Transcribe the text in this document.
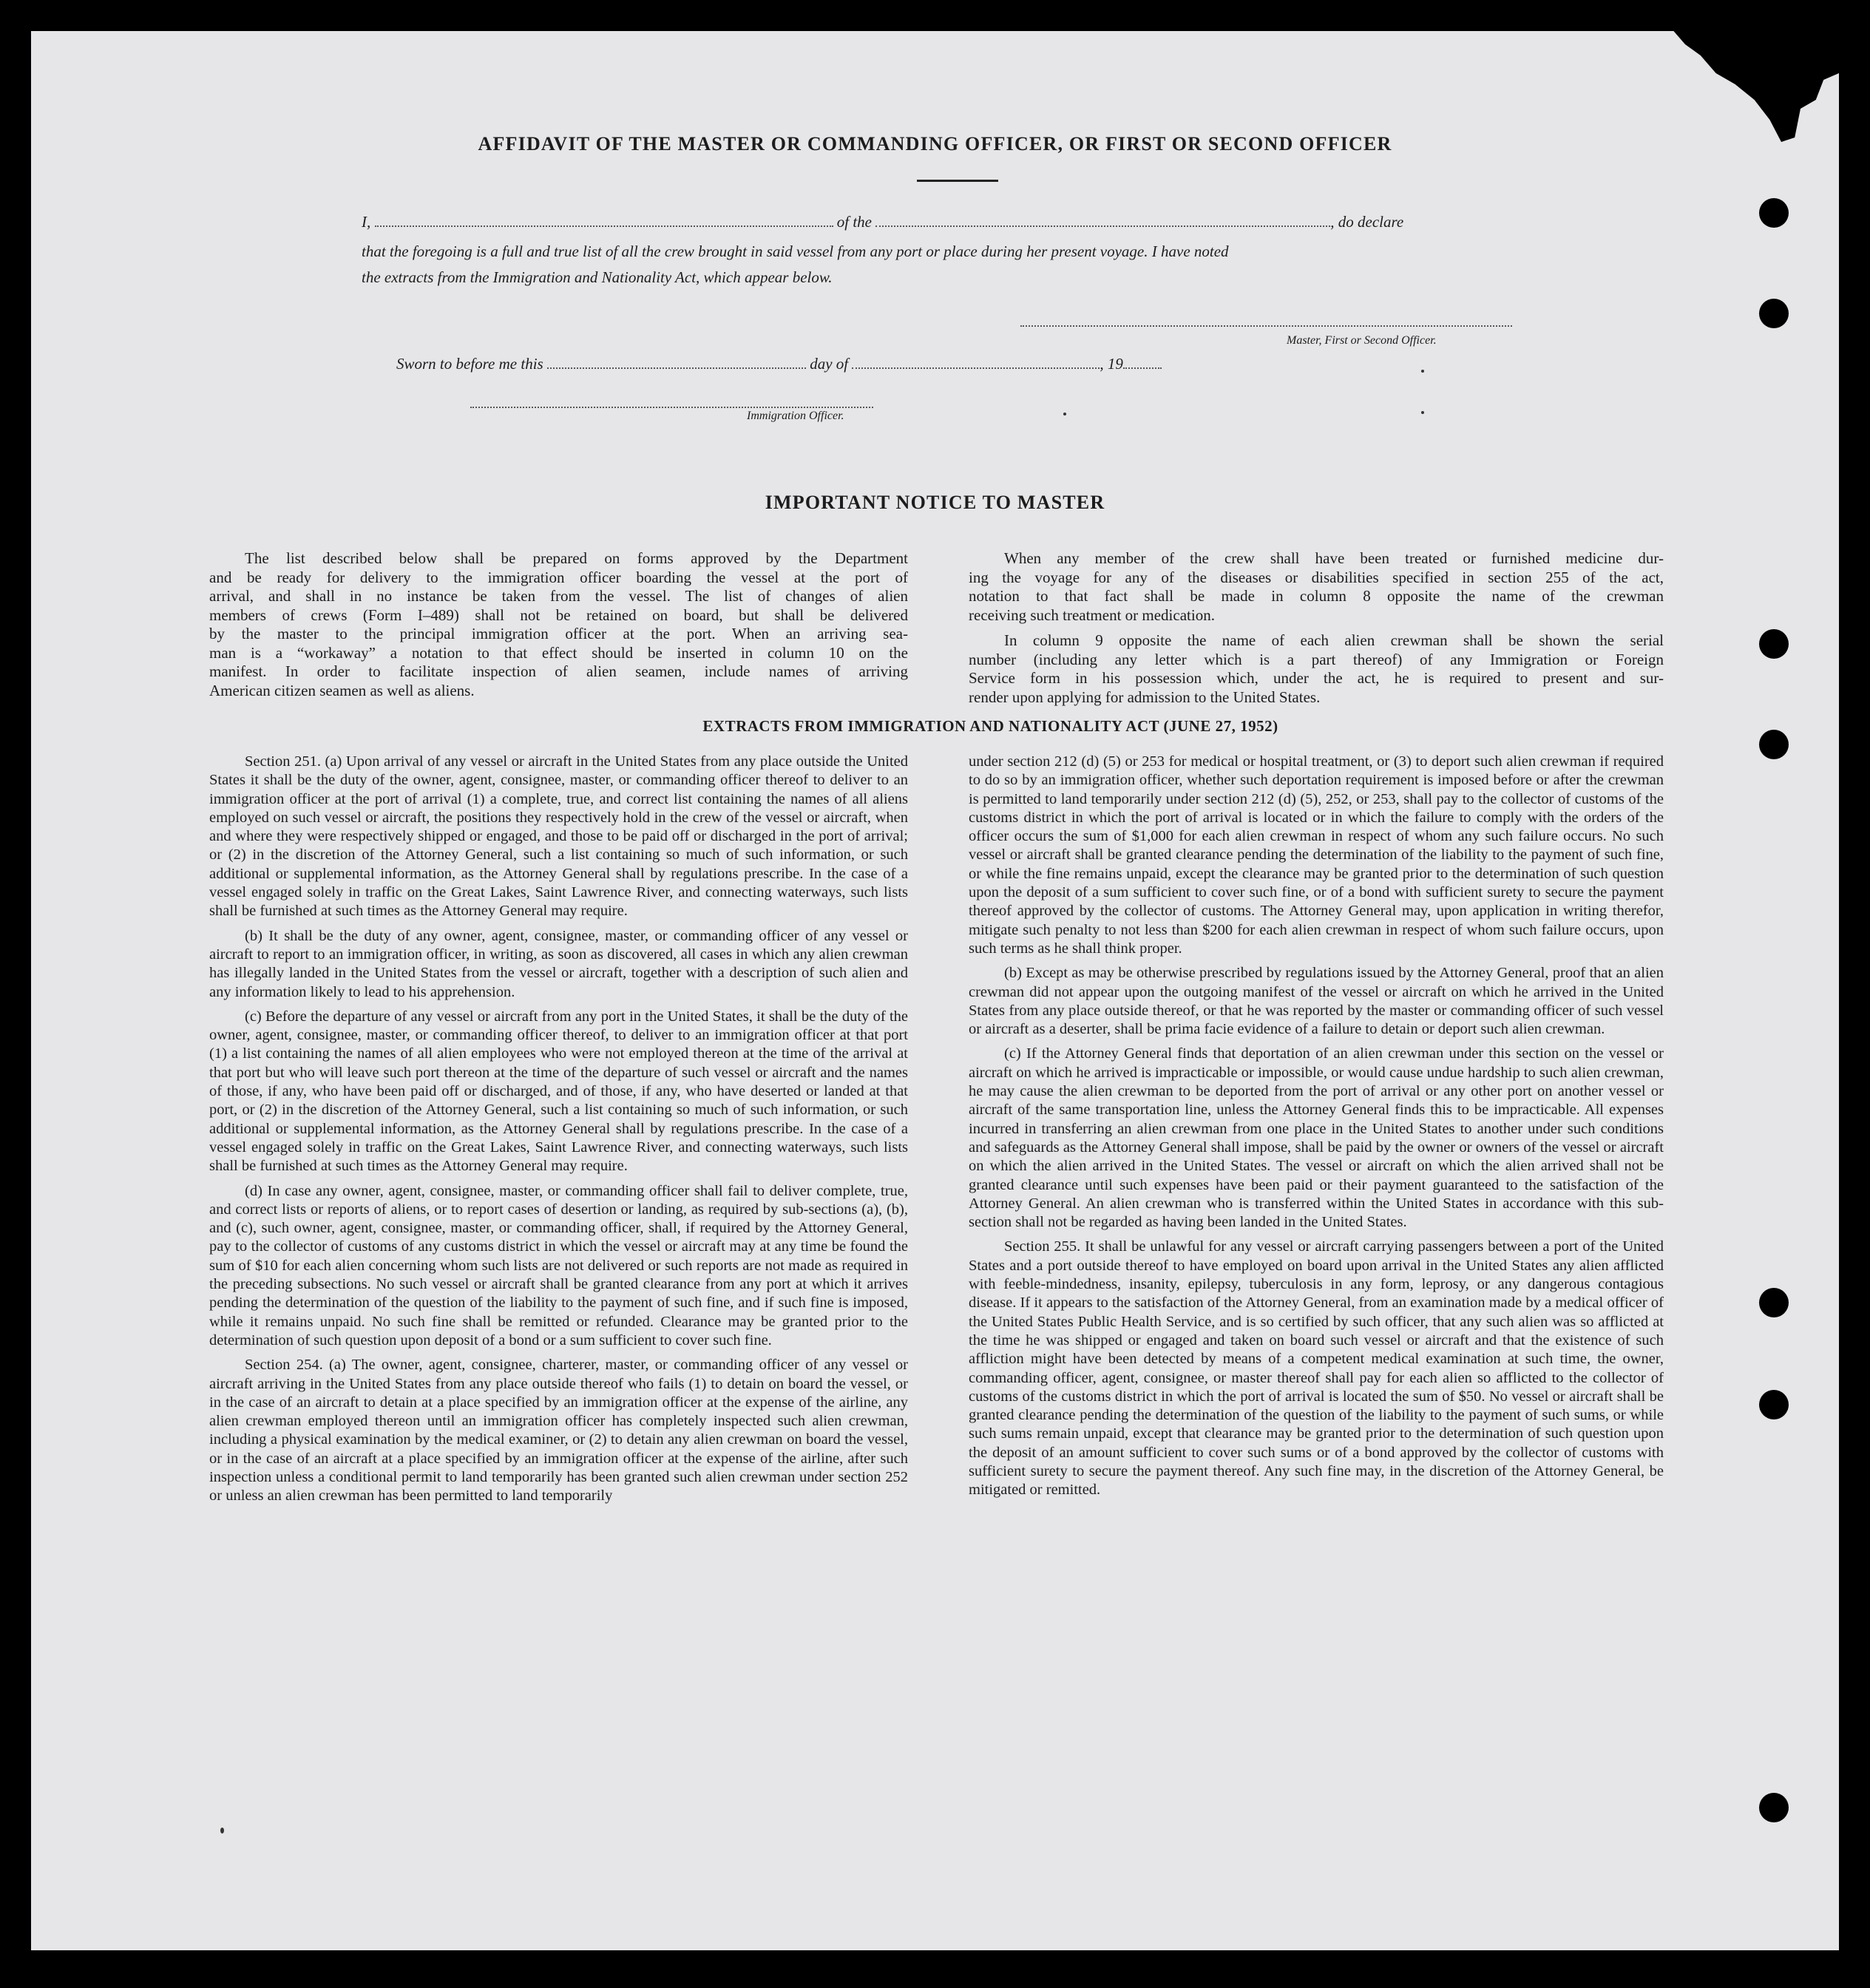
AFFIDAVIT OF THE MASTER OR COMMANDING OFFICER, OR FIRST OR SECOND OFFICER
I,	of the	, do declare
that the foregoing is a full and true list of all the crew brought in said vessel from any port or place during her present voyage. I have noted
the extracts from the Immigration and Nationality Act, which appear below.
Master, First or Second Officer.
Sworn to before me this	day of	, 19
Immigration Officer.
IMPORTANT NOTICE TO MASTER
The list described below shall be prepared on forms approved by the Department
and be ready for delivery to the immigration officer boarding the vessel at the port of
arrival, and shall in no instance be taken from the vessel. The list of changes of alien
members of crews (Form I–489) shall not be retained on board, but shall be delivered
by the master to the principal immigration officer at the port. When an arriving sea-
man is a “workaway” a notation to that effect should be inserted in column 10 on the
manifest. In order to facilitate inspection of alien seamen, include names of arriving
American citizen seamen as well as aliens.
When any member of the crew shall have been treated or furnished medicine dur-
ing the voyage for any of the diseases or disabilities specified in section 255 of the act,
notation to that fact shall be made in column 8 opposite the name of the crewman
receiving such treatment or medication.
In column 9 opposite the name of each alien crewman shall be shown the serial
number (including any letter which is a part thereof) of any Immigration or Foreign
Service form in his possession which, under the act, he is required to present and sur-
render upon applying for admission to the United States.
EXTRACTS FROM IMMIGRATION AND NATIONALITY ACT (JUNE 27, 1952)

Section 251. (a) Upon arrival of any vessel or aircraft in the United States from any place outside the United States it shall be the duty of the owner, agent, consignee, master, or commanding officer thereof to deliver to an immigration officer at the port of arrival (1) a complete, true, and correct list containing the names of all aliens employed on such vessel or aircraft, the positions they respectively hold in the crew of the vessel or aircraft, when and where they were respectively shipped or engaged, and those to be paid off or discharged in the port of arrival; or (2) in the discretion of the Attorney General, such a list containing so much of such information, or such additional or supplemental information, as the Attorney General shall by regulations prescribe. In the case of a vessel engaged solely in traffic on the Great Lakes, Saint Lawrence River, and connecting waterways, such lists shall be furnished at such times as the Attorney General may require.

(b) It shall be the duty of any owner, agent, consignee, master, or commanding officer of any vessel or aircraft to report to an immigration officer, in writing, as soon as discovered, all cases in which any alien crewman has illegally landed in the United States from the vessel or aircraft, together with a description of such alien and any information likely to lead to his apprehension.

(c) Before the departure of any vessel or aircraft from any port in the United States, it shall be the duty of the owner, agent, consignee, master, or commanding officer thereof, to deliver to an immigration officer at that port (1) a list containing the names of all alien employees who were not employed thereon at the time of the arrival at that port but who will leave such port thereon at the time of the departure of such vessel or aircraft and the names of those, if any, who have been paid off or discharged, and of those, if any, who have deserted or landed at that port, or (2) in the discretion of the Attorney General, such a list containing so much of such information, or such additional or supplemental information, as the Attorney General shall by regulations prescribe. In the case of a vessel engaged solely in traffic on the Great Lakes, Saint Lawrence River, and connecting waterways, such lists shall be furnished at such times as the Attorney General may require.

(d) In case any owner, agent, consignee, master, or commanding officer shall fail to deliver complete, true, and correct lists or reports of aliens, or to report cases of desertion or landing, as required by sub-sections (a), (b), and (c), such owner, agent, consignee, master, or commanding officer, shall, if required by the Attorney General, pay to the collector of customs of any customs district in which the vessel or aircraft may at any time be found the sum of $10 for each alien concerning whom such lists are not delivered or such reports are not made as required in the preceding subsections. No such vessel or aircraft shall be granted clearance from any port at which it arrives pending the determination of the question of the liability to the payment of such fine, and if such fine is imposed, while it remains unpaid. No such fine shall be remitted or refunded. Clearance may be granted prior to the determination of such question upon deposit of a bond or a sum sufficient to cover such fine.

Section 254. (a) The owner, agent, consignee, charterer, master, or commanding officer of any vessel or aircraft arriving in the United States from any place outside thereof who fails (1) to detain on board the vessel, or in the case of an aircraft to detain at a place specified by an immigration officer at the expense of the airline, any alien crewman employed thereon until an immigration officer has completely inspected such alien crewman, including a physical examination by the medical examiner, or (2) to detain any alien crewman on board the vessel, or in the case of an aircraft at a place specified by an immigration officer at the expense of the airline, after such inspection unless a conditional permit to land temporarily has been granted such alien crewman under section 252 or unless an alien crewman has been permitted to land temporarily

under section 212 (d) (5) or 253 for medical or hospital treatment, or (3) to deport such alien crewman if required to do so by an immigration officer, whether such deportation requirement is imposed before or after the crewman is permitted to land temporarily under section 212 (d) (5), 252, or 253, shall pay to the collector of customs of the customs district in which the port of arrival is located or in which the failure to comply with the orders of the officer occurs the sum of $1,000 for each alien crewman in respect of whom any such failure occurs. No such vessel or aircraft shall be granted clearance pending the determination of the liability to the payment of such fine, or while the fine remains unpaid, except the clearance may be granted prior to the determination of such question upon the deposit of a sum sufficient to cover such fine, or of a bond with sufficient surety to secure the payment thereof approved by the collector of customs. The Attorney General may, upon application in writing therefor, mitigate such penalty to not less than $200 for each alien crewman in respect of whom such failure occurs, upon such terms as he shall think proper.

(b) Except as may be otherwise prescribed by regulations issued by the Attorney General, proof that an alien crewman did not appear upon the outgoing manifest of the vessel or aircraft on which he arrived in the United States from any place outside thereof, or that he was reported by the master or commanding officer of such vessel or aircraft as a deserter, shall be prima facie evidence of a failure to detain or deport such alien crewman.

(c) If the Attorney General finds that deportation of an alien crewman under this section on the vessel or aircraft on which he arrived is impracticable or impossible, or would cause undue hardship to such alien crewman, he may cause the alien crewman to be deported from the port of arrival or any other port on another vessel or aircraft of the same transportation line, unless the Attorney General finds this to be impracticable. All expenses incurred in transferring an alien crewman from one place in the United States to another under such conditions and safeguards as the Attorney General shall impose, shall be paid by the owner or owners of the vessel or aircraft on which the alien arrived in the United States. The vessel or aircraft on which the alien arrived shall not be granted clearance until such expenses have been paid or their payment guaranteed to the satisfaction of the Attorney General. An alien crewman who is transferred within the United States in accordance with this sub-section shall not be regarded as having been landed in the United States.

Section 255. It shall be unlawful for any vessel or aircraft carrying passengers between a port of the United States and a port outside thereof to have employed on board upon arrival in the United States any alien afflicted with feeble-mindedness, insanity, epilepsy, tuberculosis in any form, leprosy, or any dangerous contagious disease. If it appears to the satisfaction of the Attorney General, from an examination made by a medical officer of the United States Public Health Service, and is so certified by such officer, that any such alien was so afflicted at the time he was shipped or engaged and taken on board such vessel or aircraft and that the existence of such affliction might have been detected by means of a competent medical examination at such time, the owner, commanding officer, agent, consignee, or master thereof shall pay for each alien so afflicted to the collector of customs of the customs district in which the port of arrival is located the sum of $50. No vessel or aircraft shall be granted clearance pending the determination of the question of the liability to the payment of such sums, or while such sums remain unpaid, except that clearance may be granted prior to the determination of such question upon the deposit of an amount sufficient to cover such sums or of a bond approved by the collector of customs with sufficient surety to secure the payment thereof. Any such fine may, in the discretion of the Attorney General, be mitigated or remitted.
